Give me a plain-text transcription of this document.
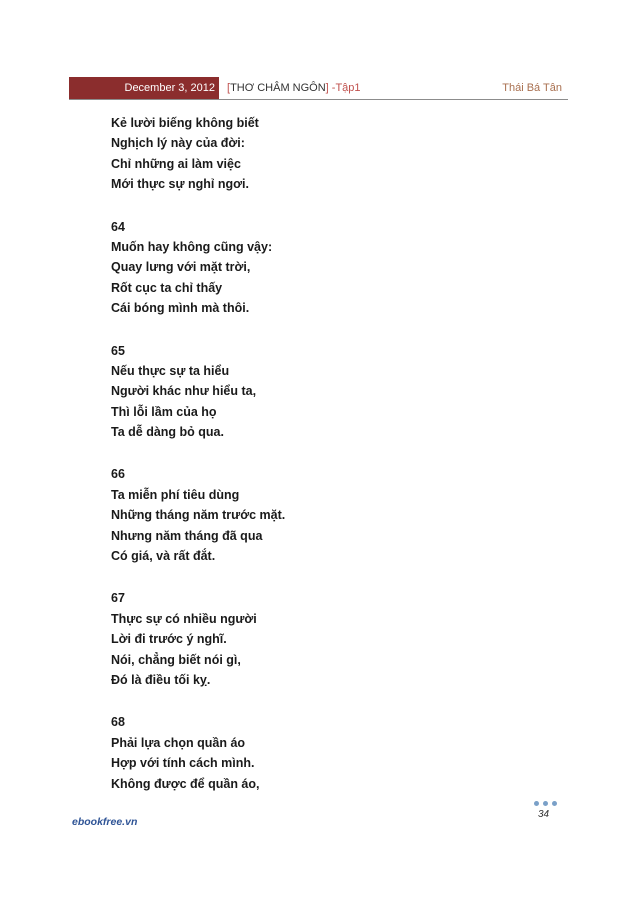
December 3, 2012	[THƠ CHÂM NGÔN] -Tập1	Thái Bá Tân
Kẻ lười biếng không biết
Nghịch lý này của đời:
Chỉ những ai làm việc
Mới thực sự nghỉ ngơi.
64
Muốn hay không cũng vậy:
Quay lưng với mặt trời,
Rốt cục ta chỉ thấy
Cái bóng mình mà thôi.
65
Nếu thực sự ta hiểu
Người khác như hiểu ta,
Thì lỗi lầm của họ
Ta dễ dàng bỏ qua.
66
Ta miễn phí tiêu dùng
Những tháng năm trước mặt.
Nhưng năm tháng đã qua
Có giá, và rất đắt.
67
Thực sự có nhiều người
Lời đi trước ý nghĩ.
Nói, chẳng biết nói gì,
Đó là điều tối kỵ.
68
Phải lựa chọn quần áo
Hợp với tính cách mình.
Không được để quần áo,
34
ebookfree.vn
